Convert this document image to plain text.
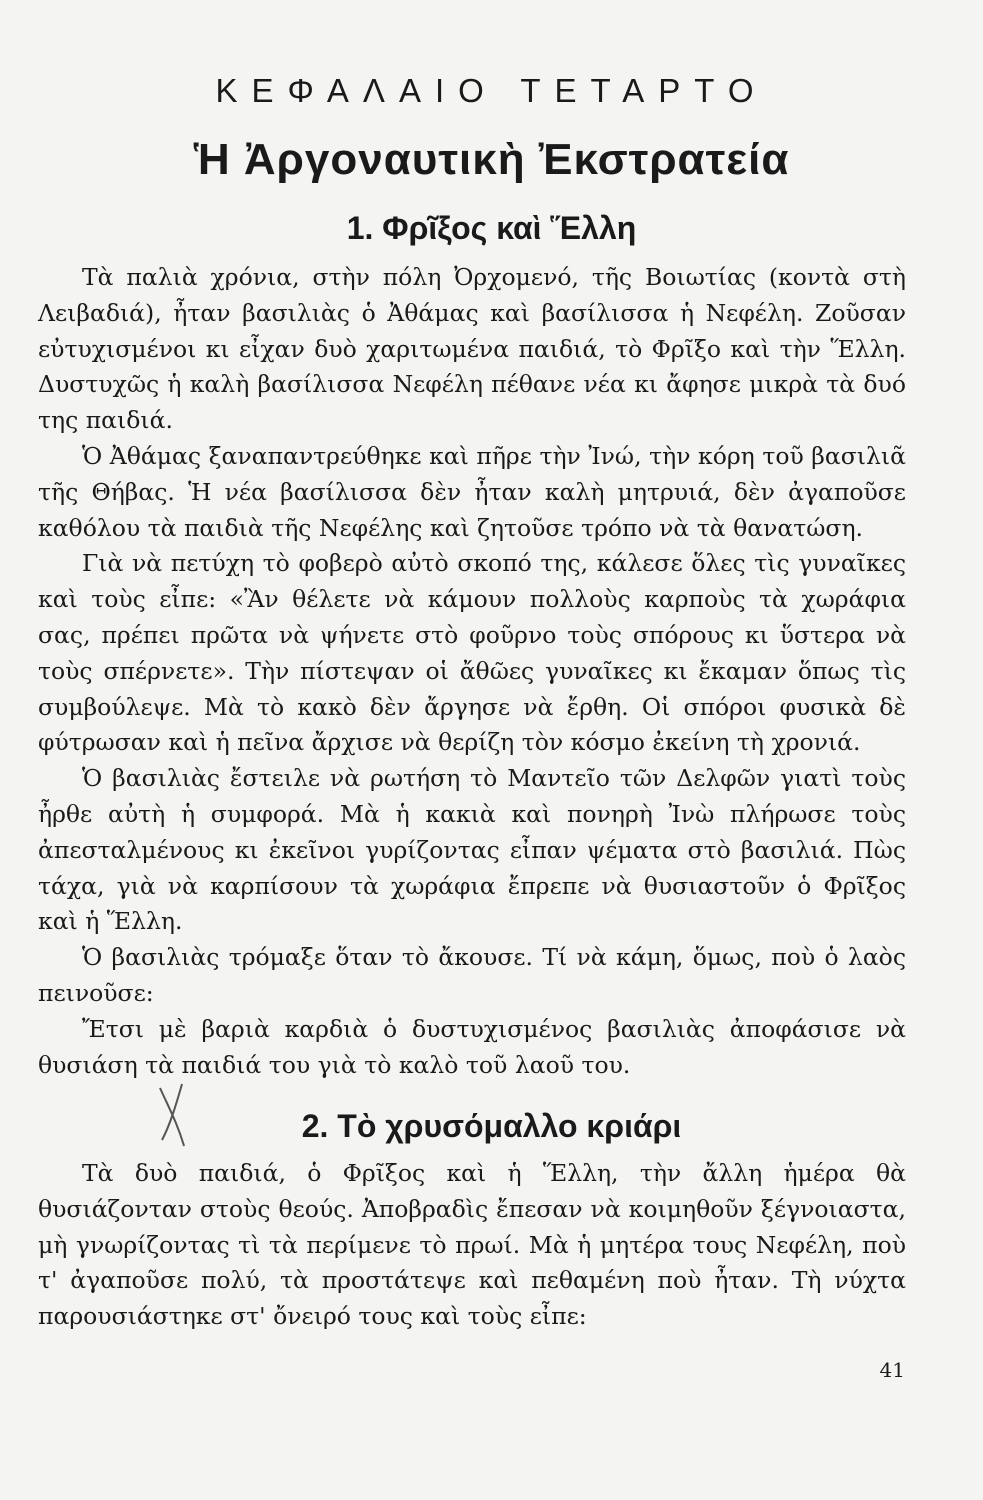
ΚΕΦΑΛΑΙΟ ΤΕΤΑΡΤΟ
Ἡ Ἀργοναυτικὴ Ἐκστρατεία
1. Φρῖξος καὶ Ἕλλη

Τὰ παλιὰ χρόνια, στὴν πόλη Ὀρχομενό, τῆς Βοιωτίας (κοντὰ στὴ Λειβαδιά), ἦταν βασιλιὰς ὁ Ἀθάμας καὶ βασίλισσα ἡ Νεφέλη. Ζοῦσαν εὐτυχισμένοι κι εἶχαν δυὸ χαριτωμένα παιδιά, τὸ Φρῖξο καὶ τὴν Ἕλλη. Δυστυχῶς ἡ καλὴ βασίλισσα Νεφέλη πέθανε νέα κι ἄφησε μικρὰ τὰ δυό της παιδιά.

Ὁ Ἀθάμας ξαναπαντρεύθηκε καὶ πῆρε τὴν Ἰνώ, τὴν κόρη τοῦ βασιλιᾶ τῆς Θήβας. Ἡ νέα βασίλισσα δὲν ἦταν καλὴ μητρυιά, δὲν ἀγαποῦσε καθόλου τὰ παιδιὰ τῆς Νεφέλης καὶ ζητοῦσε τρόπο νὰ τὰ θανατώση.

Γιὰ νὰ πετύχη τὸ φοβερὸ αὐτὸ σκοπό της, κάλεσε ὅλες τὶς γυναῖκες καὶ τοὺς εἶπε: «Ἂν θέλετε νὰ κάμουν πολλοὺς καρποὺς τὰ χωράφια σας, πρέπει πρῶτα νὰ ψήνετε στὸ φοῦρνο τοὺς σπόρους κι ὕστερα νὰ τοὺς σπέρνετε». Τὴν πίστεψαν οἱ ἄθῶες γυναῖκες κι ἔκαμαν ὅπως τὶς συμβούλεψε. Μὰ τὸ κακὸ δὲν ἄργησε νὰ ἔρθη. Οἱ σπόροι φυσικὰ δὲ φύτρωσαν καὶ ἡ πεῖνα ἄρχισε νὰ θερίζη τὸν κόσμο ἐκείνη τὴ χρονιά.

Ὁ βασιλιὰς ἔστειλε νὰ ρωτήση τὸ Μαντεῖο τῶν Δελφῶν γιατὶ τοὺς ἦρθε αὐτὴ ἡ συμφορά. Μὰ ἡ κακιὰ καὶ πονηρὴ Ἰνὼ πλήρωσε τοὺς ἀπεσταλμένους κι ἐκεῖνοι γυρίζοντας εἶπαν ψέματα στὸ βασιλιά. Πὼς τάχα, γιὰ νὰ καρπίσουν τὰ χωράφια ἔπρεπε νὰ θυσιαστοῦν ὁ Φρῖξος καὶ ἡ Ἕλλη.

Ὁ βασιλιὰς τρόμαξε ὅταν τὸ ἄκουσε. Τί νὰ κάμη, ὅμως, ποὺ ὁ λαὸς πεινοῦσε:

Ἔτσι μὲ βαριὰ καρδιὰ ὁ δυστυχισμένος βασιλιὰς ἀποφάσισε νὰ θυσιάση τὰ παιδιά του γιὰ τὸ καλὸ τοῦ λαοῦ του.

2. Τὸ χρυσόμαλλο κριάρι

Τὰ δυὸ παιδιά, ὁ Φρῖξος καὶ ἡ Ἕλλη, τὴν ἄλλη ἡμέρα θὰ θυσιάζονταν στοὺς θεούς. Ἀποβραδὶς ἔπεσαν νὰ κοιμηθοῦν ξέγνοιαστα, μὴ γνωρίζοντας τὶ τὰ περίμενε τὸ πρωί. Μὰ ἡ μητέρα τους Νεφέλη, ποὺ τ' ἀγαποῦσε πολύ, τὰ προστάτεψε καὶ πεθαμένη ποὺ ἦταν. Τὴ νύχτα παρουσιάστηκε στ' ὄνειρό τους καὶ τοὺς εἶπε:

41
